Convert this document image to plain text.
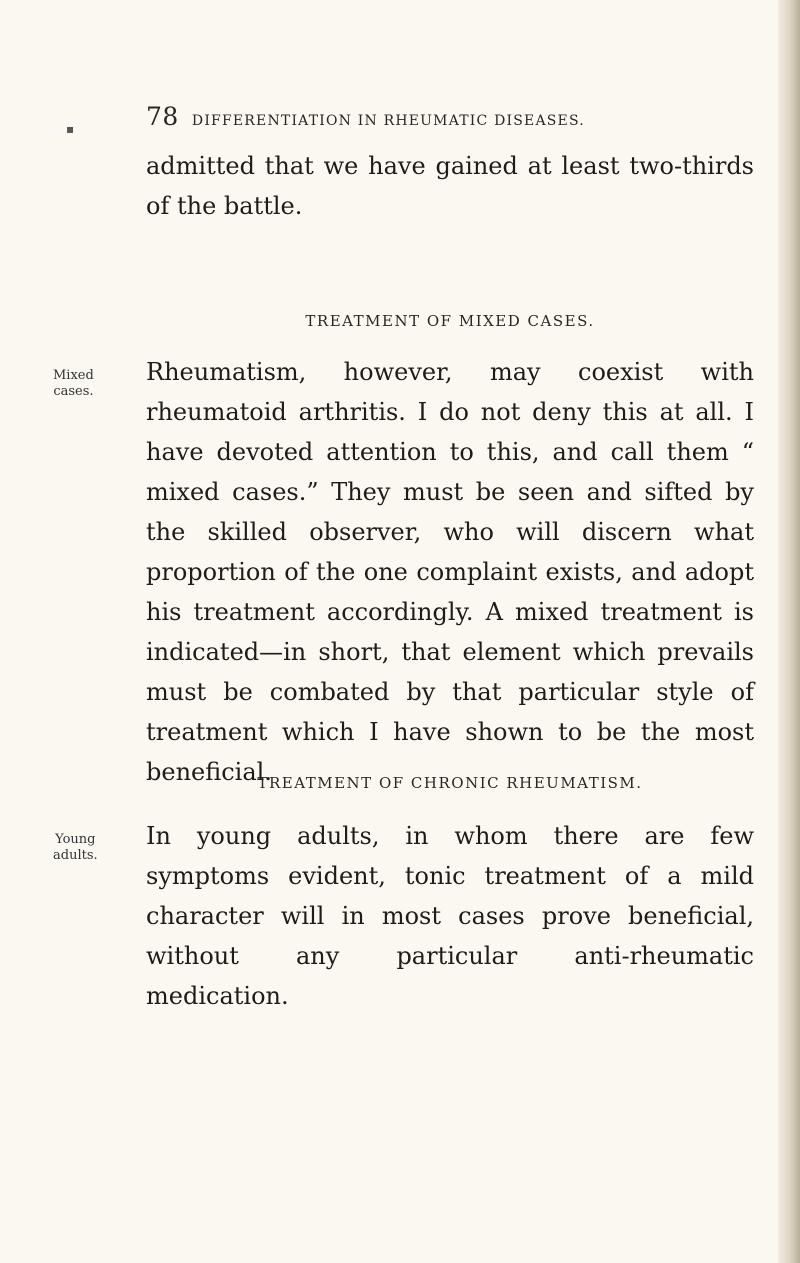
▪	78 DIFFERENTIATION IN RHEUMATIC DISEASES.
admitted that we have gained at least two-thirds of the battle.
TREATMENT OF MIXED CASES.
Mixed
cases.
Rheumatism, however, may coexist with rheumatoid arthritis. I do not deny this at all. I have devoted attention to this, and call them “ mixed cases.” They must be seen and sifted by the skilled observer, who will discern what proportion of the one complaint exists, and adopt his treatment accordingly. A mixed treatment is indicated—in short, that element which prevails must be combated by that particular style of treatment which I have shown to be the most beneficial.
TREATMENT OF CHRONIC RHEUMATISM.
Young
adults.
In young adults, in whom there are few symptoms evident, tonic treatment of a mild character will in most cases prove beneficial, without any particular anti-rheumatic medication.
